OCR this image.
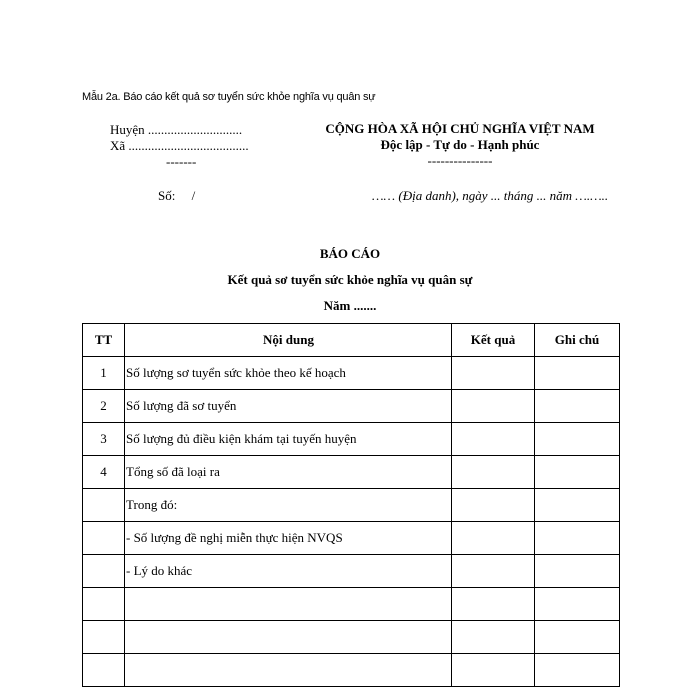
Mẫu 2a. Báo cáo kết quả sơ tuyển sức khỏe nghĩa vụ quân sự
Huyện .............................
Xã .....................................
-------
CỘNG HÒA XÃ HỘI CHỦ NGHĨA VIỆT NAM
Độc lập - Tự do - Hạnh phúc
---------------
Số:     /	…… (Địa danh), ngày ... tháng ... năm ….…..
BÁO CÁO
Kết quả sơ tuyển sức khỏe nghĩa vụ quân sự
Năm .......
TT	Nội dung	Kết quả	Ghi chú
1	Số lượng sơ tuyển sức khỏe theo kế hoạch		
2	Số lượng đã sơ tuyển		
3	Số lượng đủ điều kiện khám tại tuyến huyện		
4	Tổng số đã loại ra		
	Trong đó:		
	- Số lượng đề nghị miễn thực hiện NVQS		
	- Lý do khác		
